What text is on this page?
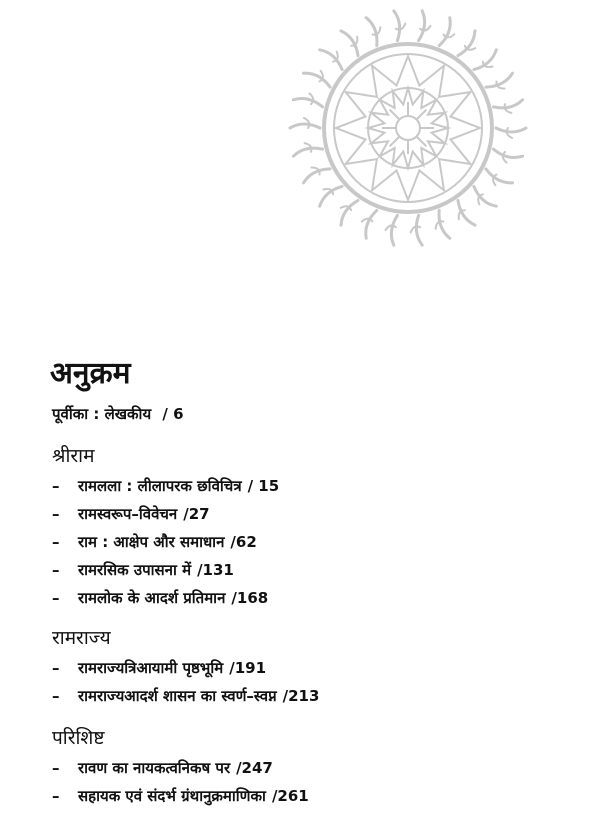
अनुक्रम
पूर्वीका : लेखकीय / 6
श्रीराम
– रामलला : लीलापरक छविचित्र / 15
– रामस्वरूप–विवेचन /27
– राम : आक्षेप और समाधान /62
– रामरसिक उपासना में /131
– रामलोक के आदर्श प्रतिमान /168
रामराज्य
– रामराज्यत्रिआयामी पृष्ठभूमि /191
– रामराज्यआदर्श शासन का स्वर्ण–स्वप्न /213
परिशिष्ट
– रावण का नायकत्वनिकष पर /247
– सहायक एवं संदर्भ ग्रंथानुक्रमाणिका /261
